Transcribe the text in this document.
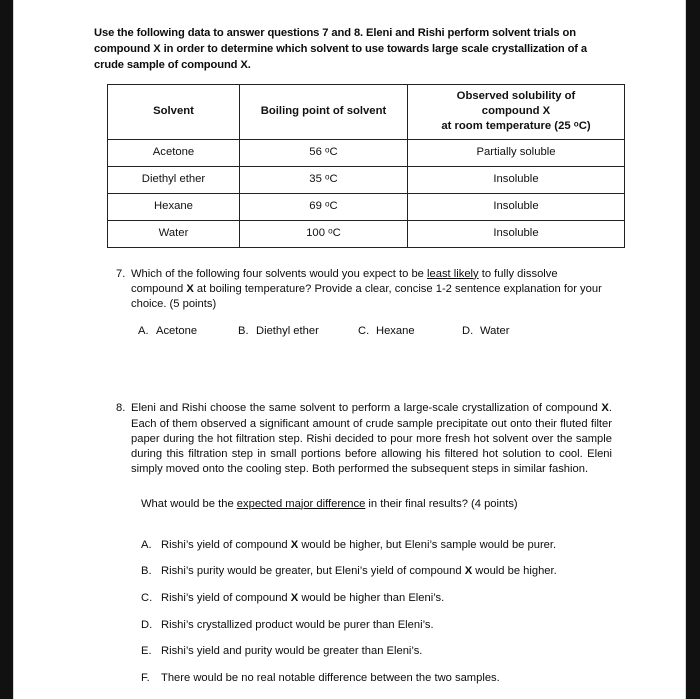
Use the following data to answer questions 7 and 8. Eleni and Rishi perform solvent trials on compound X in order to determine which solvent to use towards large scale crystallization of a crude sample of compound X.

Solvent	Boiling point of solvent	Observed solubility of
compound X
at room temperature (25 $^o$C)
Acetone	56 $^o$C	Partially soluble
Diethyl ether	35 $^o$C	Insoluble
Hexane	69 $^o$C	Insoluble
Water	100 $^o$C	Insoluble
7. Which of the following four solvents would you expect to be least likely to fully dissolve compound X at boiling temperature? Provide a clear, concise 1-2 sentence explanation for your choice. (5 points)
A. Acetone	B. Diethyl ether	C. Hexane	D. Water
8. Eleni and Rishi choose the same solvent to perform a large-scale crystallization of compound X. Each of them observed a significant amount of crude sample precipitate out onto their fluted filter paper during the hot filtration step. Rishi decided to pour more fresh hot solvent over the sample during this filtration step in small portions before allowing his filtered hot solution to cool. Eleni simply moved onto the cooling step. Both performed the subsequent steps in similar fashion.
What would be the expected major difference in their final results? (4 points)
A. Rishi’s yield of compound X would be higher, but Eleni’s sample would be purer.
B. Rishi’s purity would be greater, but Eleni’s yield of compound X would be higher.
C. Rishi’s yield of compound X would be higher than Eleni’s.
D. Rishi’s crystallized product would be purer than Eleni’s.
E. Rishi’s yield and purity would be greater than Eleni’s.
F.	There would be no real notable difference between the two samples.
